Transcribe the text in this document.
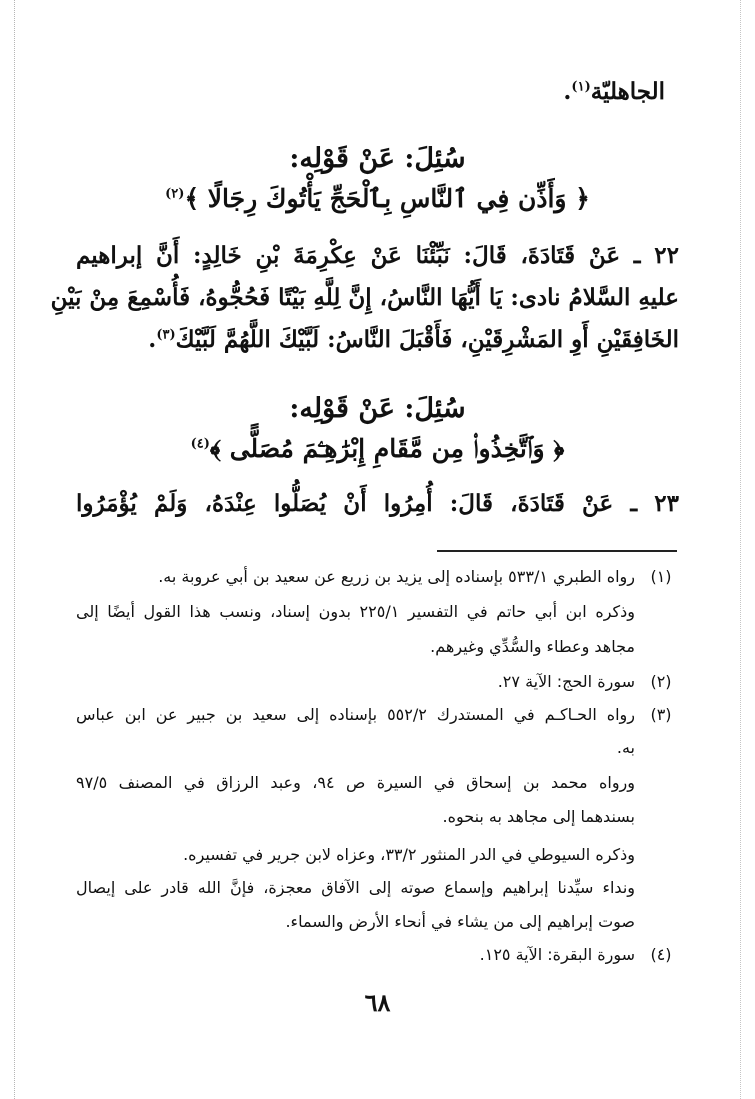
الجاهليّة$^{(١)}$.
سُئِلَ: عَنْ قَوْلِه:
﴿ وَأَذِّن فِي ٱلنَّاسِ بِٱلْحَجِّ يَأْتُوكَ رِجَالًا ﴾$^{(٢)}$
٢٢ ـ عَنْ قَتَادَةَ، قَالَ: نَبِّئْنَا عَنْ عِكْرِمَةَ بْنِ خَالِدٍ: أَنَّ إبراهيم
عليهِ السَّلامُ نادى: يَا أَيُّهَا النَّاسُ، إِنَّ لِلَّهِ بَيْتًا فَحُجُّوهُ، فَأُسْمِعَ مِنْ بَيْنِ
الخَافِقَيْنِ أَوِ المَشْرِقَيْنِ، فَأَقْبَلَ النَّاسُ: لَبَّيْكَ اللَّهُمَّ لَبَّيْكَ$^{(٣)}$.
سُئِلَ: عَنْ قَوْلِه:
﴿ وَٱتَّخِذُوا۟ مِن مَّقَامِ إِبْرَٰهِـۧمَ مُصَلًّى ﴾$^{(٤)}$
٢٣ ـ عَنْ قَتَادَةَ، قَالَ: أُمِرُوا أَنْ يُصَلُّوا عِنْدَهُ، وَلَمْ يُؤْمَرُوا
(١)
رواه الطبري ٥٣٣/١ بإسناده إلى يزيد بن زريع عن سعيد بن أبي عروبة به.
وذكره ابن أبي حاتم في التفسير ٢٢٥/١ بدون إسناد، ونسب هذا القول أيضًا إلى
مجاهد وعطاء والسُّدِّي وغيرهم.
(٢)
سورة الحج: الآية ٢٧.
(٣)
رواه الحـاكـم في المستدرك ٥٥٢/٢ بإسناده إلى سعيد بن جبير عن ابن عباس
به.
ورواه محمد بن إسحاق في السيرة ص ٩٤، وعبد الرزاق في المصنف ٩٧/٥
بسندهما إلى مجاهد به بنحوه.
وذكره السيوطي في الدر المنثور ٣٣/٢، وعزاه لابن جرير في تفسيره.
ونداء سيِّدنا إبراهيم وإسماع صوته إلى الآفاق معجزة، فإنَّ الله قادر على إيصال
صوت إبراهيم إلى من يشاء في أنحاء الأرض والسماء.
(٤)
سورة البقرة: الآية ١٢٥.
٦٨
